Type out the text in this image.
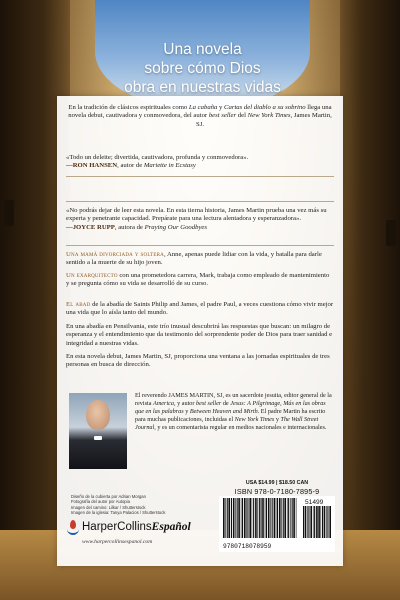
Una novela
sobre cómo Dios
obra en nuestras vidas

En la tradición de clásicos espirituales como La cabaña y Cartas del diablo a su sobrino llega una novela debut, cautivadora y conmovedora, del autor best seller del New York Times, James Martin, SJ.

«Todo un deleite; divertida, cautivadora, profunda y conmovedora».
—RON HANSEN, autor de Mariette in Ecstasy

«No podrás dejar de leer esta novela. En esta tierna historia, James Martin prueba una vez más su experta y penetrante capacidad. Prepárate para una lectura alentadora y esperanzadora».
—JOYCE RUPP, autora de Praying Our Goodbyes

Una mamá divorciada y soltera, Anne, apenas puede lidiar con la vida, y batalla para darle sentido a la muerte de su hijo joven.

Un exarquitecto con una prometedora carrera, Mark, trabaja como empleado de mantenimiento y se pregunta cómo su vida se desarrolló de su curso.

El abad de la abadía de Saints Philip and James, el padre Paul, a veces cuestiona cómo vivir mejor una vida que lo aísla tanto del mundo.

En una abadía en Pensilvania, este trío inusual descubrirá las respuestas que buscan: un milagro de esperanza y el entendimiento que da testimonio del sorprendente poder de Dios para traer sanidad e integridad a nuestras vidas.

En esta novela debut, James Martin, SJ, proporciona una ventana a las jornadas espirituales de tres personas en busca de dirección.

El reverendo JAMES MARTIN, SJ, es un sacerdote jesuita, editor general de la revista America, y autor best seller de Jesus: A Pilgrimage, Más en las obras que en las palabras y Between Heaven and Mirth. El padre Martin ha escrito para muchas publicaciones, incluidas el New York Times y The Wall Street Journal, y es un comentarista regular en medios nacionales e internacionales.

Diseño de la cubierta por Adrian Morgan
Fotografía del autor por Autopia
Imagen del camino: Lilkar / Shutterstock
Imagen de la iglesia: Tanya Palacios / Shutterstock
HarperCollinsEspañol
www.harpercollinsespanol.com
USA $14.99 | $18.50 CAN
ISBN 978-0-7180-7895-9
9780718078959
51499
